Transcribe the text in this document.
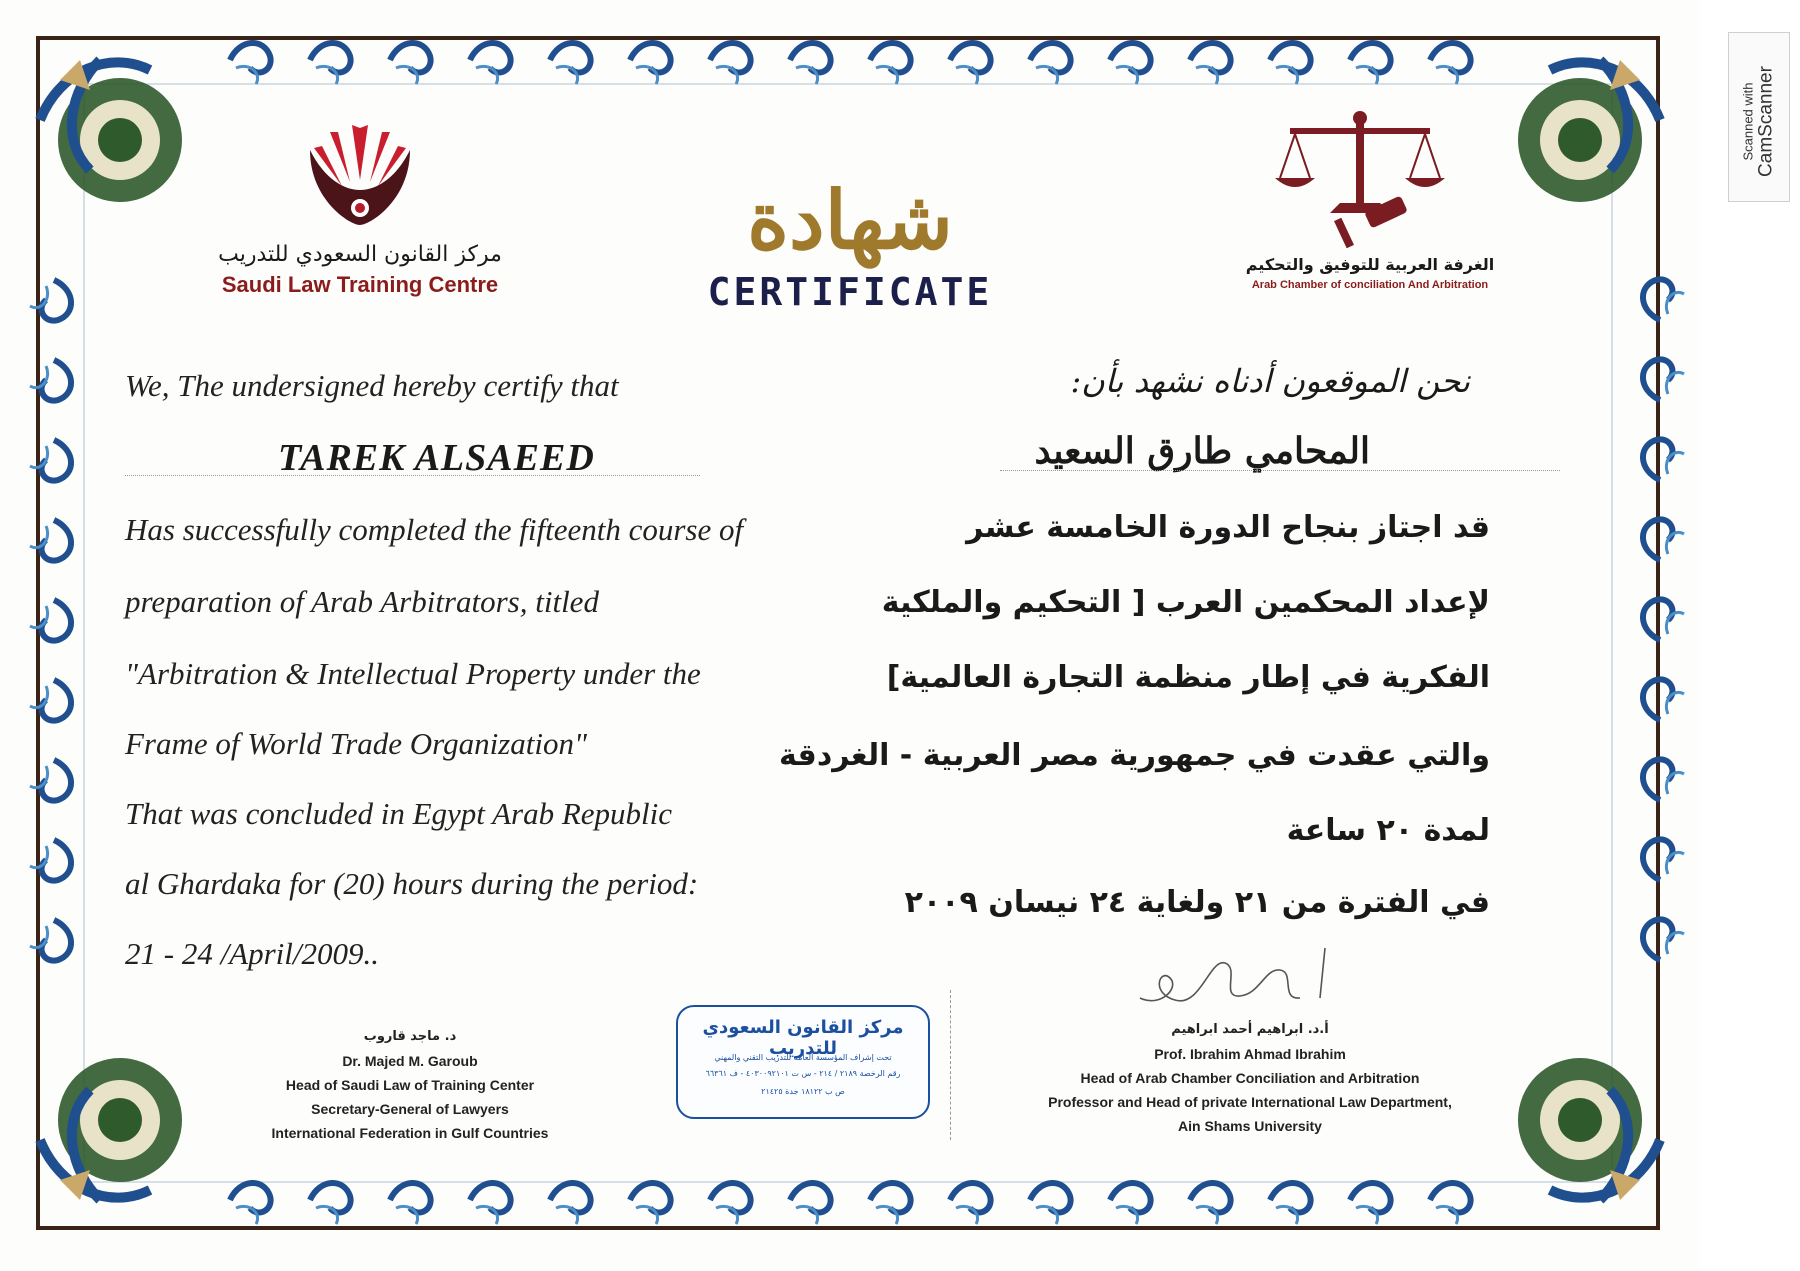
مركز القانون السعودي للتدريب
Saudi Law Training Centre
شهادة
CERTIFICATE
الغرفة العربية للتوفيق والتحكيم
Arab Chamber of conciliation And Arbitration
We, The undersigned hereby certify that
TAREK ALSAEED
Has successfully completed the fifteenth course of
preparation of Arab Arbitrators, titled
"Arbitration & Intellectual Property under the
Frame of World Trade Organization"
That was concluded in Egypt Arab Republic
al Ghardaka for (20) hours during the period:
21 - 24 /April/2009..
نحن الموقعون أدناه نشهد بأن:
المحامي طارق السعيد
قد اجتاز بنجاح الدورة الخامسة عشر
لإعداد المحكمين العرب [ التحكيم والملكية
الفكرية في إطار منظمة التجارة العالمية]
والتي عقدت في جمهورية مصر العربية - الغردقة
لمدة ٢٠ ساعة
في الفترة من ٢١ ولغاية ٢٤ نيسان ٢٠٠٩
د. ماجد قاروب
Dr. Majed M. Garoub
Head of Saudi Law of Training Center
Secretary-General of Lawyers
International Federation in Gulf Countries
مركز القانون السعودي للتدريب
تحت إشراف المؤسسة العامة للتدريب التقني والمهني
رقم الرخصة ٢١٨٩ / ٢١٤ - س ت ٤٠٣٠٠٩٢١٠١ - ف ٦٦٣٦١
ص ب ١٨١٢٢ جدة ٢١٤٢٥
أ.د. ابراهيم أحمد ابراهيم
Prof. Ibrahim Ahmad Ibrahim
Head of Arab Chamber Conciliation and Arbitration
Professor and Head of private International Law Department,
Ain Shams University
Scanned with CamScanner
